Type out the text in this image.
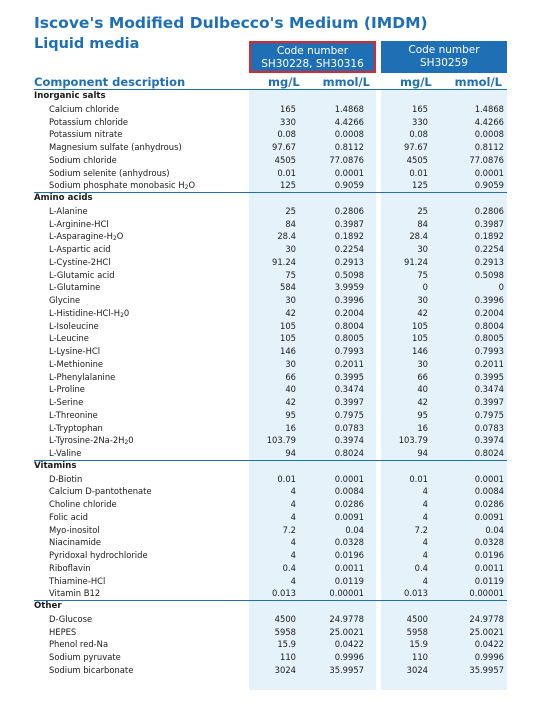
Iscove's Modified Dulbecco's Medium (IMDM)
Liquid media	Code number
SH30228, SH30316
Code number
SH30259
Component description	mg/L	mmol/L	mg/L	mmol/L
Inorganic salts
Calcium chloride	165	1.4868	165	1.4868
Potassium chloride	330	4.4266	330	4.4266
Potassium nitrate	0.08	0.0008	0.08	0.0008
Magnesium sulfate (anhydrous)	97.67	0.8112	97.67	0.8112
Sodium chloride	4505	77.0876	4505	77.0876
Sodium selenite (anhydrous)	0.01	0.0001	0.01	0.0001
Sodium phosphate monobasic $H_2O$	125	0.9059	125	0.9059
Amino acids
L-Alanine	25	0.2806	25	0.2806
L-Arginine-HCl	84	0.3987	84	0.3987
$L-Asparagine-H_2O$	28.4	0.1892	28.4	0.1892
L-Aspartic acid	30	0.2254	30	0.2254
L-Cystine-2HCl	91.24	0.2913	91.24	0.2913
L-Glutamic acid	75	0.5098	75	0.5098
L-Glutamine	584	3.9959	0	0
Glycine	30	0.3996	30	0.3996
$L-Histidine-HCl-H_20$	42	0.2004	42	0.2004
L-Isoleucine	105	0.8004	105	0.8004
L-Leucine	105	0.8005	105	0.8005
L-Lysine-HCl	146	0.7993	146	0.7993
L-Methionine	30	0.2011	30	0.2011
L-Phenylalanine	66	0.3995	66	0.3995
L-Proline	40	0.3474	40	0.3474
L-Serine	42	0.3997	42	0.3997
L-Threonine	95	0.7975	95	0.7975
L-Tryptophan	16	0.0783	16	0.0783
$L-Tyrosine-2Na-2H_20$	103.79	0.3974	103.79	0.3974
L-Valine	94	0.8024	94	0.8024
Vitamins
D-Biotin	0.01	0.0001	0.01	0.0001
Calcium D-pantothenate	4	0.0084	4	0.0084
Choline chloride	4	0.0286	4	0.0286
Folic acid	4	0.0091	4	0.0091
Myo-inositol	7.2	0.04	7.2	0.04
Niacinamide	4	0.0328	4	0.0328
Pyridoxal hydrochloride	4	0.0196	4	0.0196
Riboflavin	0.4	0.0011	0.4	0.0011
Thiamine-HCl	4	0.0119	4	0.0119
Vitamin B12	0.013	0.00001	0.013	0.00001
Other
D-Glucose	4500	24.9778	4500	24.9778
HEPES	5958	25.0021	5958	25.0021
Phenol red-Na	15.9	0.0422	15.9	0.0422
Sodium pyruvate	110	0.9996	110	0.9996
Sodium bicarbonate	3024	35.9957	3024	35.9957
